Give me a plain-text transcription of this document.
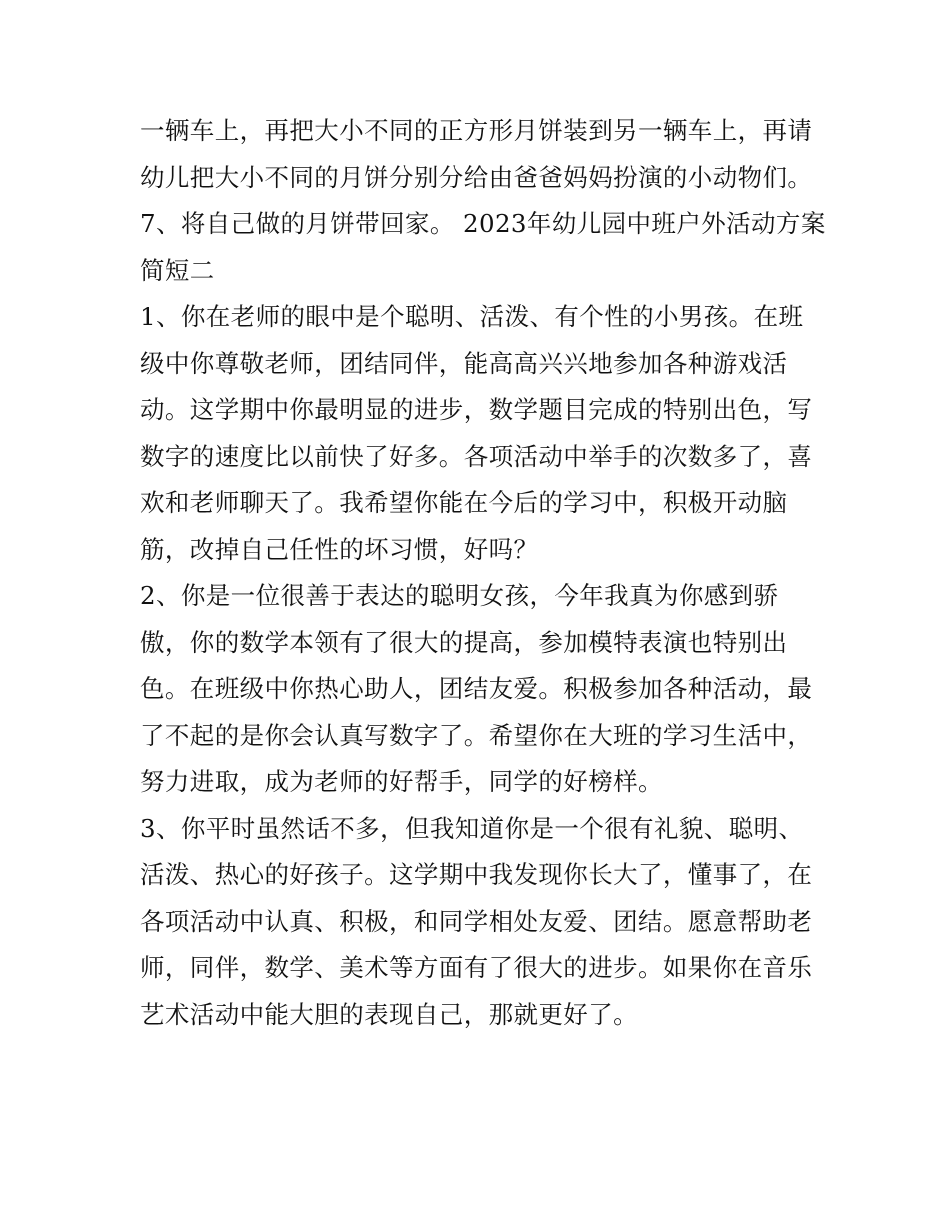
一辆车上，再把大小不同的正方形月饼装到另一辆车上，再请
幼儿把大小不同的月饼分别分给由爸爸妈妈扮演的小动物们。
7、将自己做的月饼带回家。 2023年幼儿园中班户外活动方案
简短二
1、你在老师的眼中是个聪明、活泼、有个性的小男孩。在班
级中你尊敬老师，团结同伴，能高高兴兴地参加各种游戏活
动。这学期中你最明显的进步，数学题目完成的特别出色，写
数字的速度比以前快了好多。各项活动中举手的次数多了，喜
欢和老师聊天了。我希望你能在今后的学习中，积极开动脑
筋，改掉自己任性的坏习惯，好吗？
2、你是一位很善于表达的聪明女孩，今年我真为你感到骄
傲，你的数学本领有了很大的提高，参加模特表演也特别出
色。在班级中你热心助人，团结友爱。积极参加各种活动，最
了不起的是你会认真写数字了。希望你在大班的学习生活中，
努力进取，成为老师的好帮手，同学的好榜样。
3、你平时虽然话不多，但我知道你是一个很有礼貌、聪明、
活泼、热心的好孩子。这学期中我发现你长大了，懂事了，在
各项活动中认真、积极，和同学相处友爱、团结。愿意帮助老
师，同伴，数学、美术等方面有了很大的进步。如果你在音乐
艺术活动中能大胆的表现自己，那就更好了。
